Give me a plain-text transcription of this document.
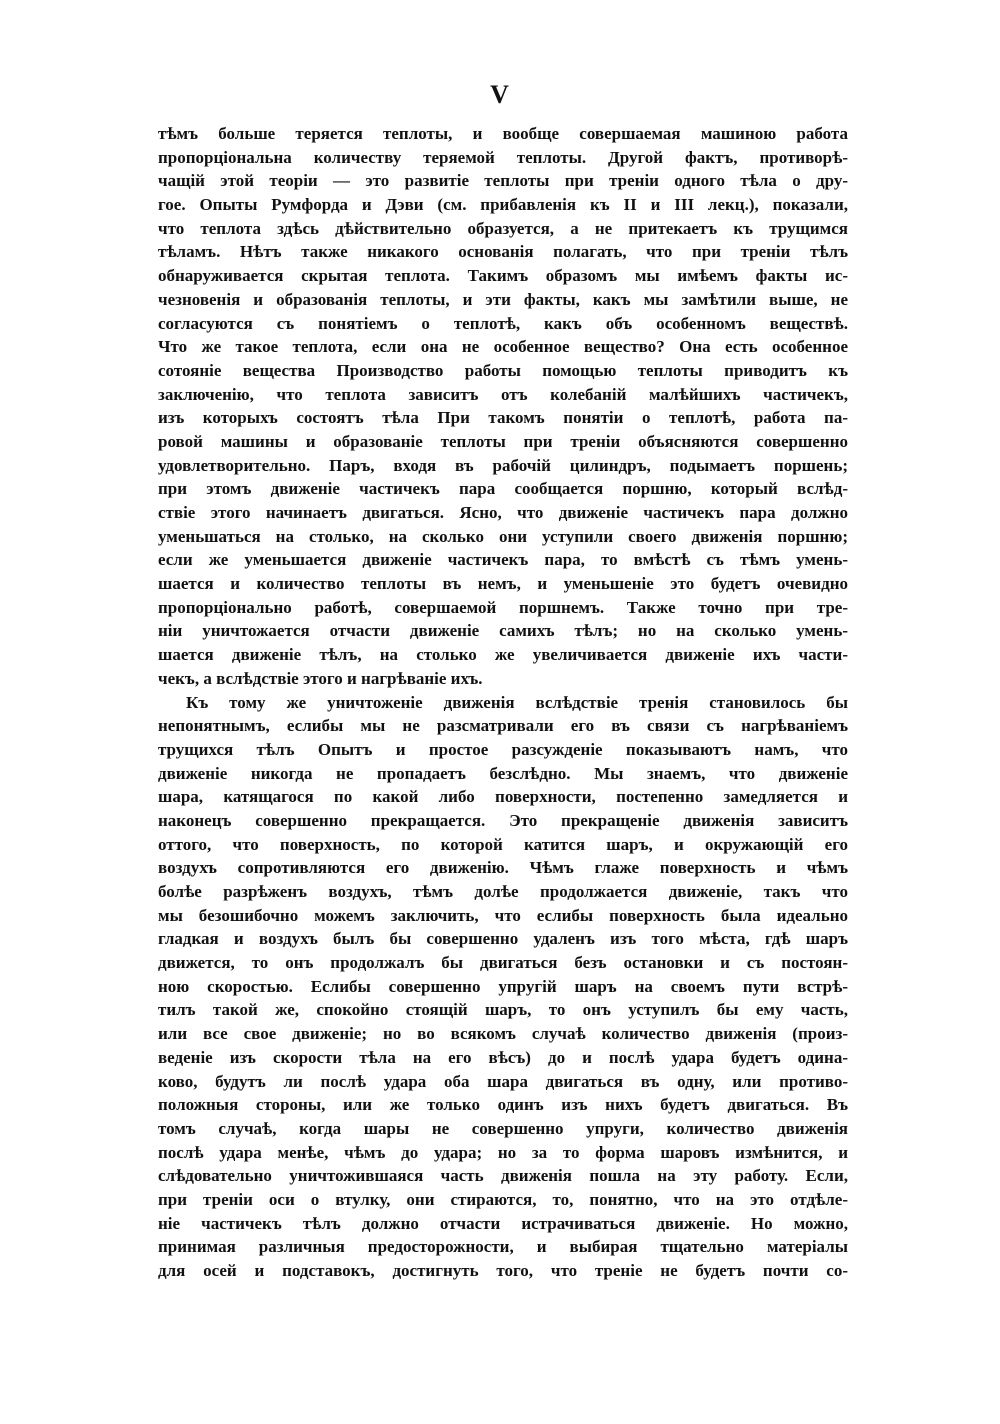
V
тѣмъ больше теряется теплоты, и вообще совершаемая машиною работа
пропорціональна количеству теряемой теплоты. Другой фактъ, противорѣ-
чащій этой теоріи — это развитіе теплоты при треніи одного тѣла о дру-
гое. Опыты Румфорда и Дэви (см. прибавленія къ II и III лекц.), показали,
что теплота здѣсь дѣйствительно образуется, а не притекаетъ къ трущимся
тѣламъ. Нѣтъ также никакого основанія полагать, что при треніи тѣлъ
обнаруживается скрытая теплота. Такимъ образомъ мы имѣемъ факты ис-
чезновенія и образованія теплоты, и эти факты, какъ мы замѣтили выше, не
согласуются съ понятіемъ о теплотѣ, какъ объ особенномъ веществѣ.
Что же такое теплота, если она не особенное вещество? Она есть особенное
сотояніе вещества Производство работы помощью теплоты приводитъ къ
заключенію, что теплота зависитъ отъ колебаній малѣйшихъ частичекъ,
изъ которыхъ состоятъ тѣла При такомъ понятіи о теплотѣ, работа па-
ровой машины и образованіе теплоты при треніи объясняются совершенно
удовлетворительно. Паръ, входя въ рабочій цилиндръ, подымаетъ поршень;
при этомъ движеніе частичекъ пара сообщается поршню, который вслѣд-
ствіе этого начинаетъ двигаться. Ясно, что движеніе частичекъ пара должно
уменьшаться на столько, на сколько они уступили своего движенія поршню;
если же уменьшается движеніе частичекъ пара, то вмѣстѣ съ тѣмъ умень-
шается и количество теплоты въ немъ, и уменьшеніе это будетъ очевидно
пропорціонально работѣ, совершаемой поршнемъ. Также точно при тре-
ніи уничтожается отчасти движеніе самихъ тѣлъ; но на сколько умень-
шается движеніе тѣлъ, на столько же увеличивается движеніе ихъ части-
чекъ, а вслѣдствіе этого и нагрѣваніе ихъ.
Къ тому же уничтоженіе движенія вслѣдствіе тренія становилось бы
непонятнымъ, еслибы мы не разсматривали его въ связи съ нагрѣваніемъ
трущихся тѣлъ Опытъ и простое разсужденіе показываютъ намъ, что
движеніе никогда не пропадаетъ безслѣдно. Мы знаемъ, что движеніе
шара, катящагося по какой либо поверхности, постепенно замедляется и
наконецъ совершенно прекращается. Это прекращеніе движенія зависитъ
оттого, что поверхность, по которой катится шаръ, и окружающій его
воздухъ сопротивляются его движенію. Чѣмъ глаже поверхность и чѣмъ
болѣе разрѣженъ воздухъ, тѣмъ долѣе продолжается движеніе, такъ что
мы безошибочно можемъ заключить, что еслибы поверхность была идеально
гладкая и воздухъ былъ бы совершенно удаленъ изъ того мѣста, гдѣ шаръ
движется, то онъ продолжалъ бы двигаться безъ остановки и съ постоян-
ною скоростью. Еслибы совершенно упругій шаръ на своемъ пути встрѣ-
тилъ такой же, спокойно стоящій шаръ, то онъ уступилъ бы ему часть,
или все свое движеніе; но во всякомъ случаѣ количество движенія (произ-
веденіе изъ скорости тѣла на его вѣсъ) до и послѣ удара будетъ одина-
ково, будутъ ли послѣ удара оба шара двигаться въ одну, или противо-
положныя стороны, или же только одинъ изъ нихъ будетъ двигаться. Въ
томъ случаѣ, когда шары не совершенно упруги, количество движенія
послѣ удара менѣе, чѣмъ до удара; но за то форма шаровъ измѣнится, и
слѣдовательно уничтожившаяся часть движенія пошла на эту работу. Если,
при треніи оси о втулку, они стираются, то, понятно, что на это отдѣле-
ніе частичекъ тѣлъ должно отчасти истрачиваться движеніе. Но можно,
принимая различныя предосторожности, и выбирая тщательно матеріалы
для осей и подставокъ, достигнуть того, что треніе не будетъ почти со-
